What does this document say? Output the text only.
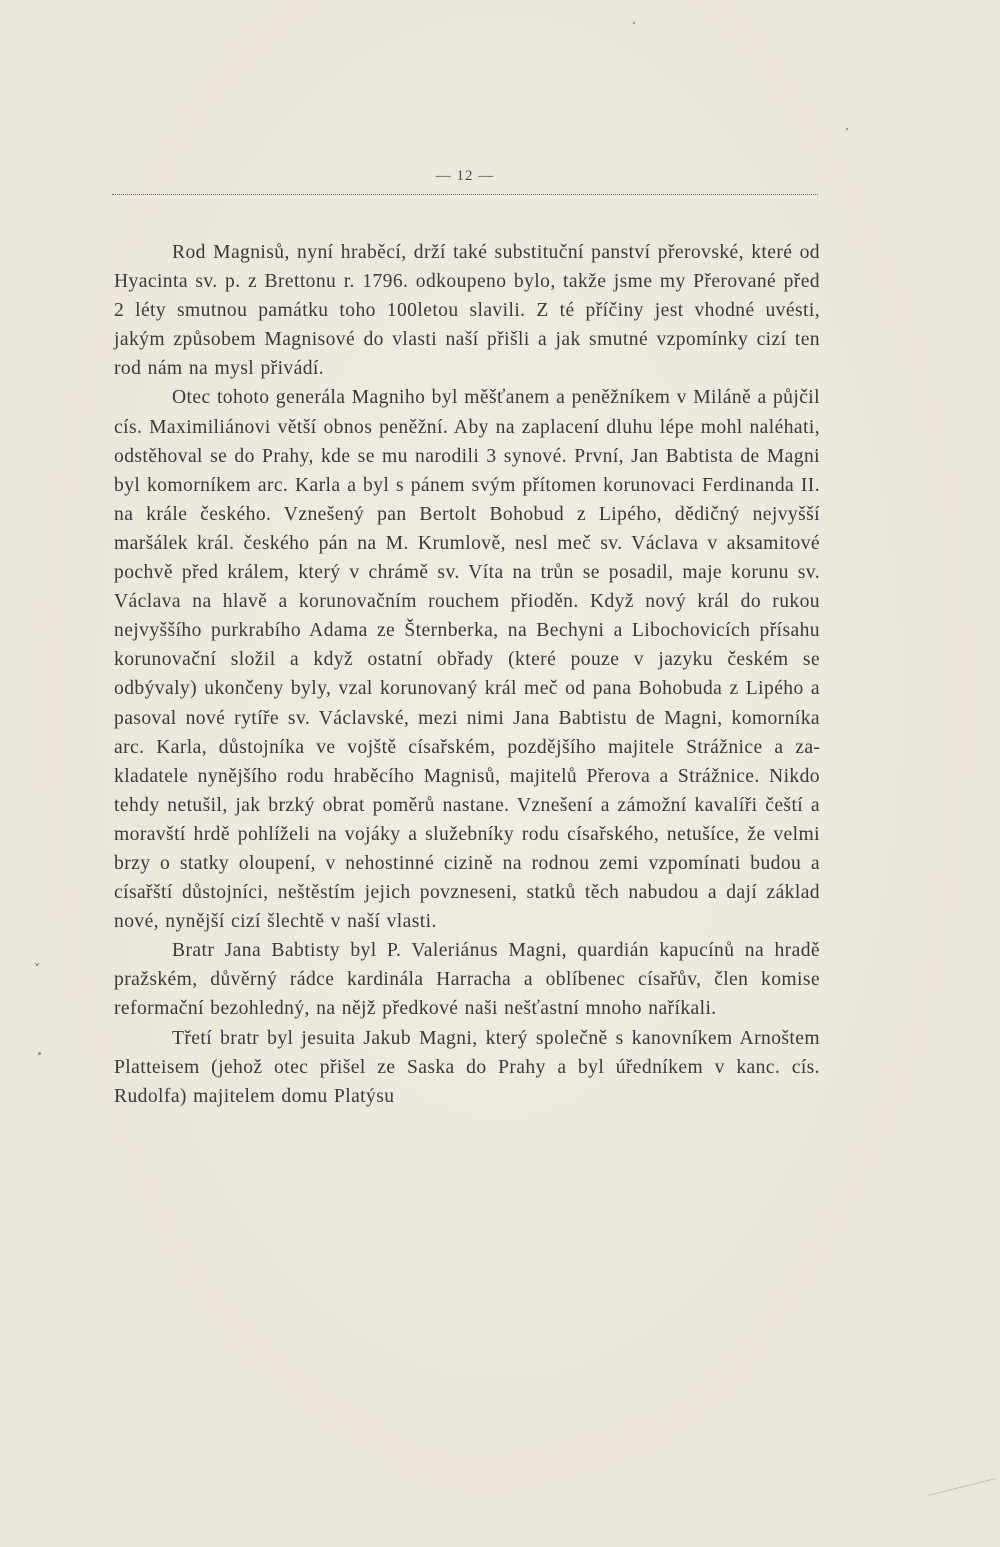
— 12 —

Rod Magnisů, nyní hraběcí, drží také substituční panství přerovské, které od Hyacinta sv. p. z Brettonu r. 1796. odkoupeno bylo, takže jsme my Přerované před 2 léty smutnou památku toho 100letou slavili. Z té příčiny jest vhodné uvésti, jakým způsobem Magnisové do vlasti naší přišli a jak smutné vzpomínky cizí ten rod nám na mysl přivádí.

Otec tohoto generála Magniho byl měšťanem a peněžníkem v Miláně a půjčil cís. Maximiliánovi větší obnos peněžní. Aby na zaplacení dluhu lépe mohl naléhati, odstěhoval se do Prahy, kde se mu narodili 3 synové. První, Jan Babtista de Magni byl komorníkem arc. Karla a byl s pánem svým přítomen korunovaci Ferdinanda II. na krále českého. Vznešený pan Bertolt Bohobud z Lipého, dědičný nejvyšší maršálek král. českého pán na M. Krumlově, nesl meč sv. Václava v aksamitové pochvě před králem, který v chrámě sv. Víta na trůn se posadil, maje korunu sv. Václava na hlavě a korunovačním rouchem přioděn. Když nový král do rukou nejvyššího purkrabího Adama ze Šternberka, na Bechyni a Libochovicích přísahu korunovační složil a když ostatní obřady (které pouze v jazyku českém se odbývaly) ukončeny byly, vzal korunovaný král meč od pana Bohobuda z Lipého a pasoval nové rytíře sv. Václavské, mezi nimi Jana Babtistu de Magni, komorníka arc. Karla, důstojníka ve vojště císařském, pozdějšího majitele Strážnice a zakladatele nynějšího rodu hraběcího Magnisů, majitelů Přerova a Strážnice. Nikdo tehdy netušil, jak brzký obrat poměrů nastane. Vznešení a zámožní kavalíři čeští a moravští hrdě pohlíželi na vojáky a služebníky rodu císařského, netušíce, že velmi brzy o statky oloupení, v nehostinné cizině na rodnou zemi vzpomínati budou a císařští důstojníci, neštěstím jejich povzneseni, statků těch nabudou a dají základ nové, nynější cizí šlechtě v naší vlasti.

Bratr Jana Babtisty byl P. Valeriánus Magni, quardián kapucínů na hradě pražském, důvěrný rádce kardinála Harracha a oblíbenec císařův, člen komise reformační bezohledný, na nějž předkové naši nešťastní mnoho naříkali.

Třetí bratr byl jesuita Jakub Magni, který společně s kanovníkem Arnoštem Platteisem (jehož otec přišel ze Saska do Prahy a byl úředníkem v kanc. cís. Rudolfa) majitelem domu Platýsu

˅
